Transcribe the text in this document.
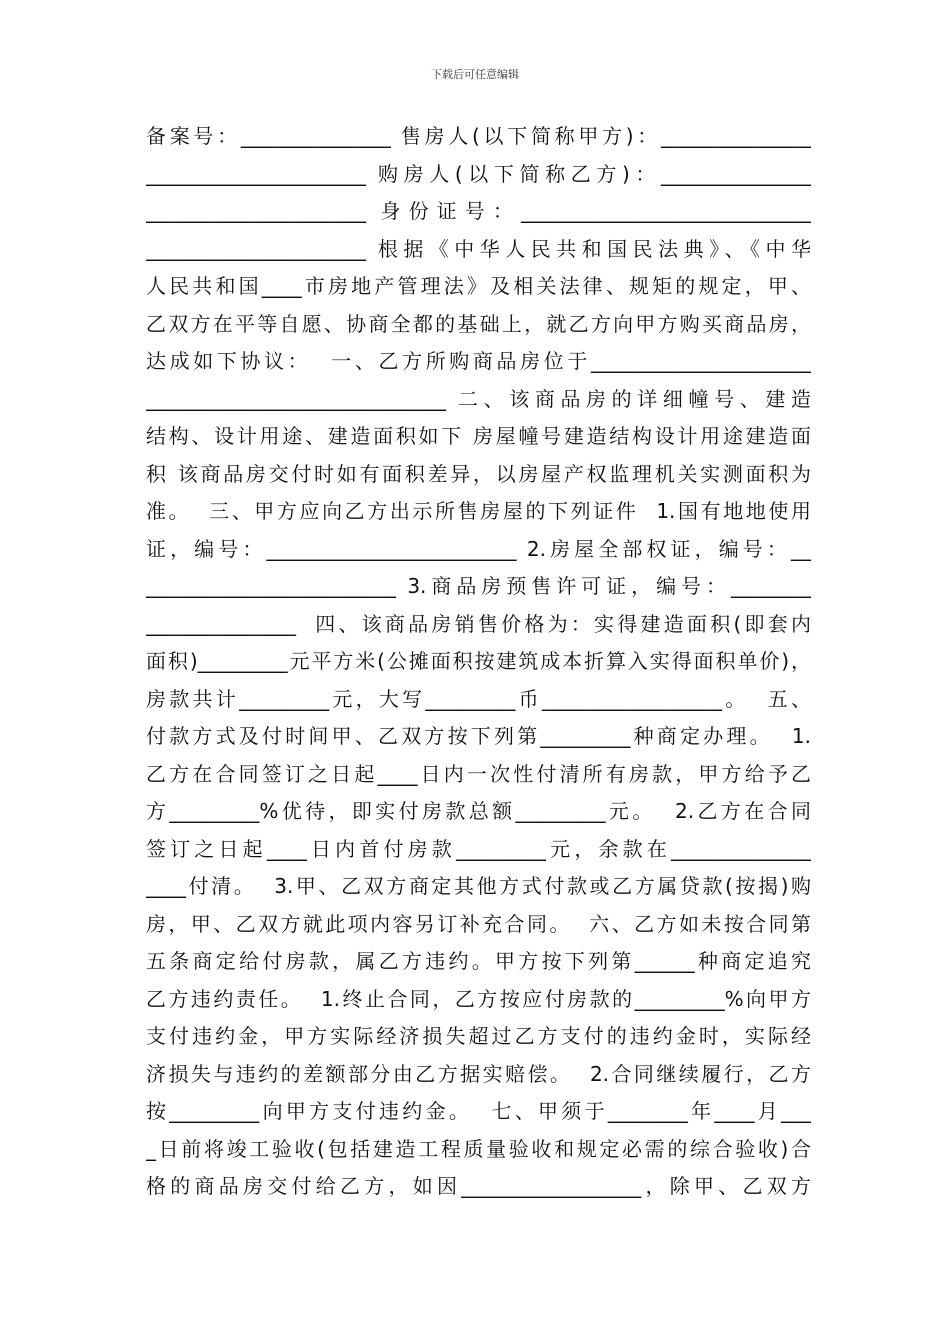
下载后可任意编辑
备案号：_______________ 售房人(以下简称甲方)：_______________
______________________ 购房人(以下简称乙方)：_______________
______________________ 身份证号：_____________________________
______________________ 根据《中华人民共和国民法典》、《中华
人民共和国____市房地产管理法》及相关法律、规矩的规定，甲、
乙双方在平等自愿、协商全都的基础上，就乙方向甲方购买商品房，
达成如下协议：  一、乙方所购商品房位于______________________
______________________________ 二、该商品房的详细幢号、建造
结构、设计用途、建造面积如下 房屋幢号建造结构设计用途建造面
积 该商品房交付时如有面积差异，以房屋产权监理机关实测面积为
准。  三、甲方应向乙方出示所售房屋的下列证件  1.国有地地使用
证，编号：_________________________ 2.房屋全部权证，编号：__
_________________________ 3.商品房预售许可证，编号：________
_______________  四、该商品房销售价格为：实得建造面积(即套内
面积)_________元平方米(公摊面积按建筑成本折算入实得面积单价)，
房款共计_________元，大写_________币__________________。  五、
付款方式及付时间甲、乙双方按下列第_________种商定办理。  1.
乙方在合同签订之日起____日内一次性付清所有房款，甲方给予乙
方_________%优待，即实付房款总额_________元。  2.乙方在合同
签订之日起____日内首付房款_________元，余款在______________
____付清。  3.甲、乙双方商定其他方式付款或乙方属贷款(按揭)购
房，甲、乙双方就此项内容另订补充合同。  六、乙方如未按合同第
五条商定给付房款，属乙方违约。甲方按下列第______种商定追究
乙方违约责任。  1.终止合同，乙方按应付房款的_________%向甲方
支付违约金，甲方实际经济损失超过乙方支付的违约金时，实际经
济损失与违约的差额部分由乙方据实赔偿。  2.合同继续履行，乙方
按_________向甲方支付违约金。  七、甲须于________年____月___
_日前将竣工验收(包括建造工程质量验收和规定必需的综合验收)合
格的商品房交付给乙方，如因__________________，除甲、乙双方
